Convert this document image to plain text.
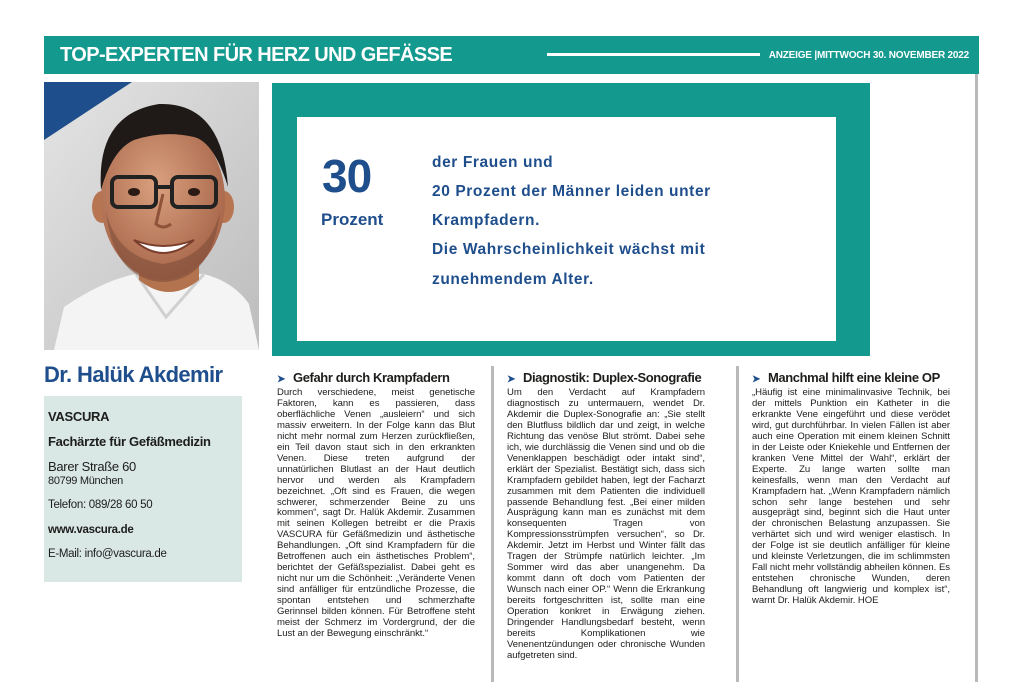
TOP-EXPERTEN FÜR HERZ UND GEFÄSSE	ANZEIGE |MITTWOCH 30. NOVEMBER 2022
Dr. Halük Akdemir
VASCURA
Fachärzte für Gefäßmedizin
Barer Straße 60
80799 München
Telefon: 089/28 60 50
www.vascura.de
E-Mail: info@vascura.de
30
Prozent
der Frauen und
20 Prozent der Männer leiden unter
Krampfadern.
Die Wahrscheinlichkeit wächst mit
zunehmendem Alter.
➤ Gefahr durch Krampfadern
Durch verschiedene, meist genetische Faktoren, kann es passieren, dass oberflächliche Venen „ausleiern“ und sich massiv erweitern. In der Folge kann das Blut nicht mehr normal zum Herzen zurückfließen, ein Teil davon staut sich in den erkrankten Venen. Diese treten aufgrund der unnatürlichen Blutlast an der Haut deutlich hervor und werden als Krampfadern bezeichnet. „Oft sind es Frauen, die wegen schwerer, schmerzender Beine zu uns kommen“, sagt Dr. Halük Akdemir. Zusammen mit seinen Kollegen betreibt er die Praxis VASCURA für Gefäßmedizin und ästhetische Behandlungen. „Oft sind Krampfadern für die Betroffenen auch ein ästhetisches Problem“, berichtet der Gefäßspezialist. Dabei geht es nicht nur um die Schönheit: „Veränderte Venen sind anfälliger für entzündliche Prozesse, die spontan entstehen und schmerzhafte Gerinnsel bilden können. Für Betroffene steht meist der Schmerz im Vordergrund, der die Lust an der Bewegung einschränkt.“
➤ Diagnostik: Duplex-Sonografie
Um den Verdacht auf Krampfadern diagnostisch zu untermauern, wendet Dr. Akdemir die Duplex-Sonografie an: „Sie stellt den Blutfluss bildlich dar und zeigt, in welche Richtung das venöse Blut strömt. Dabei sehe ich, wie durchlässig die Venen sind und ob die Venenklappen beschädigt oder intakt sind“, erklärt der Spezialist. Bestätigt sich, dass sich Krampfadern gebildet haben, legt der Facharzt zusammen mit dem Patienten die individuell passende Behandlung fest. „Bei einer milden Ausprägung kann man es zunächst mit dem konsequenten Tragen von Kompressionsstrümpfen versuchen“, so Dr. Akdemir. Jetzt im Herbst und Winter fällt das Tragen der Strümpfe natürlich leichter. „Im Sommer wird das aber unangenehm. Da kommt dann oft doch vom Patienten der Wunsch nach einer OP.“ Wenn die Erkrankung bereits fortgeschritten ist, sollte man eine Operation konkret in Erwägung ziehen. Dringender Handlungsbedarf besteht, wenn bereits Komplikationen wie Venenentzündungen oder chronische Wunden aufgetreten sind.
➤ Manchmal hilft eine kleine OP
„Häufig ist eine minimalinvasive Technik, bei der mittels Punktion ein Katheter in die erkrankte Vene eingeführt und diese verödet wird, gut durchführbar. In vielen Fällen ist aber auch eine Operation mit einem kleinen Schnitt in der Leiste oder Kniekehle und Entfernen der kranken Vene Mittel der Wahl“, erklärt der Experte. Zu lange warten sollte man keinesfalls, wenn man den Verdacht auf Krampfadern hat. „Wenn Krampfadern nämlich schon sehr lange bestehen und sehr ausgeprägt sind, beginnt sich die Haut unter der chronischen Belastung anzupassen. Sie verhärtet sich und wird weniger elastisch. In der Folge ist sie deutlich anfälliger für kleine und kleinste Verletzungen, die im schlimmsten Fall nicht mehr vollständig abheilen können. Es entstehen chronische Wunden, deren Behandlung oft langwierig und komplex ist“, warnt Dr. Halük Akdemir. HOE
